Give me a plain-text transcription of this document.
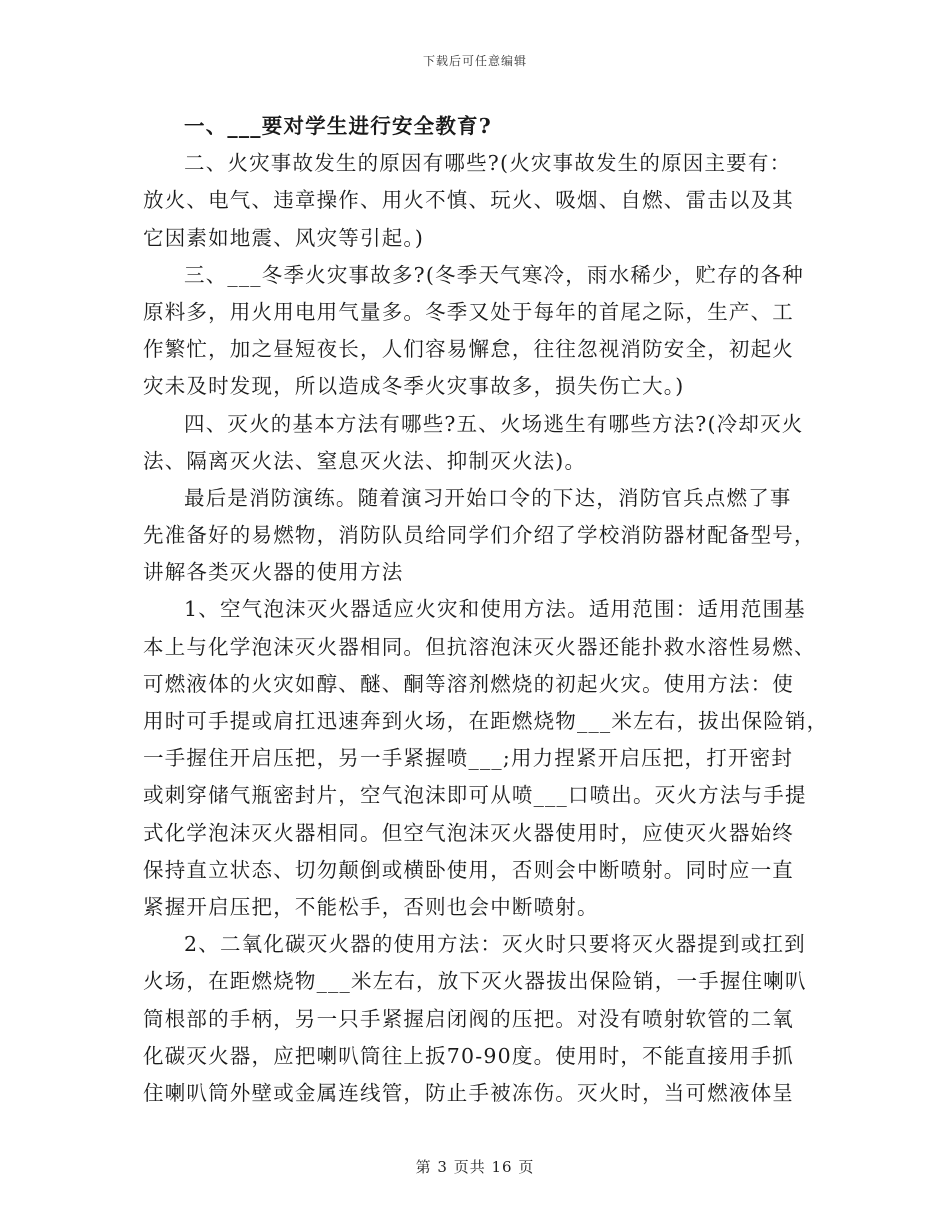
下载后可任意编辑
一、___要对学生进行安全教育?
二、火灾事故发生的原因有哪些?(火灾事故发生的原因主要有：
放火、电气、违章操作、用火不慎、玩火、吸烟、自燃、雷击以及其
它因素如地震、风灾等引起。)
三、___冬季火灾事故多?(冬季天气寒冷，雨水稀少，贮存的各种
原料多，用火用电用气量多。冬季又处于每年的首尾之际，生产、工
作繁忙，加之昼短夜长，人们容易懈怠，往往忽视消防安全，初起火
灾未及时发现，所以造成冬季火灾事故多，损失伤亡大。)
四、灭火的基本方法有哪些?五、火场逃生有哪些方法?(冷却灭火
法、隔离灭火法、窒息灭火法、抑制灭火法)。
最后是消防演练。随着演习开始口令的下达，消防官兵点燃了事
先准备好的易燃物，消防队员给同学们介绍了学校消防器材配备型号，
讲解各类灭火器的使用方法
1、空气泡沫灭火器适应火灾和使用方法。适用范围：适用范围基
本上与化学泡沫灭火器相同。但抗溶泡沫灭火器还能扑救水溶性易燃、
可燃液体的火灾如醇、醚、酮等溶剂燃烧的初起火灾。使用方法：使
用时可手提或肩扛迅速奔到火场，在距燃烧物___米左右，拔出保险销，
一手握住开启压把，另一手紧握喷___;用力捏紧开启压把，打开密封
或刺穿储气瓶密封片，空气泡沫即可从喷___口喷出。灭火方法与手提
式化学泡沫灭火器相同。但空气泡沫灭火器使用时，应使灭火器始终
保持直立状态、切勿颠倒或横卧使用，否则会中断喷射。同时应一直
紧握开启压把，不能松手，否则也会中断喷射。
2、二氧化碳灭火器的使用方法：灭火时只要将灭火器提到或扛到
火场，在距燃烧物___米左右，放下灭火器拔出保险销，一手握住喇叭
筒根部的手柄，另一只手紧握启闭阀的压把。对没有喷射软管的二氧
化碳灭火器，应把喇叭筒往上扳70-90度。使用时，不能直接用手抓
住喇叭筒外壁或金属连线管，防止手被冻伤。灭火时，当可燃液体呈
第 3 页共 16 页
